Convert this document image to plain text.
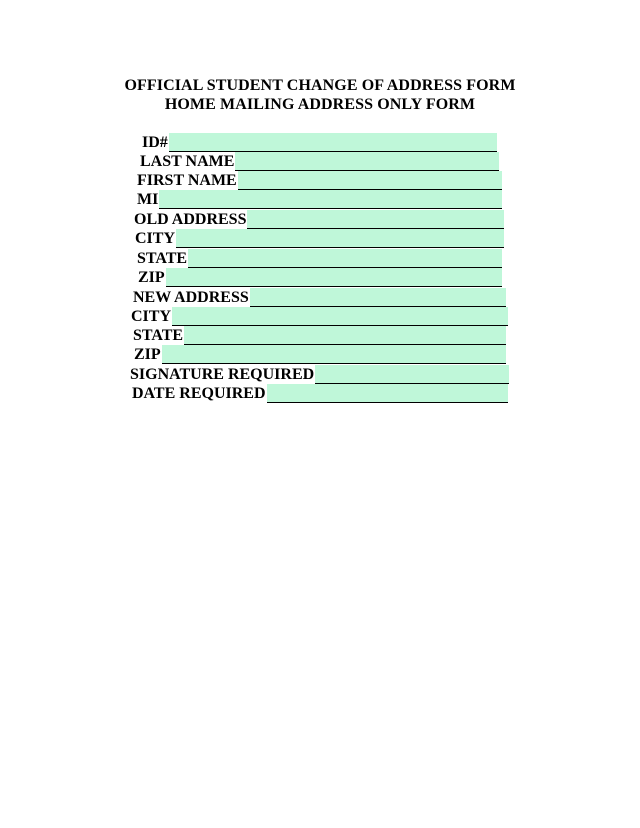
OFFICIAL STUDENT CHANGE OF ADDRESS FORM
HOME MAILING ADDRESS ONLY FORM
ID#
LAST NAME
FIRST NAME
MI
OLD ADDRESS
CITY
STATE
ZIP
NEW ADDRESS
CITY
STATE
ZIP
SIGNATURE REQUIRED
DATE REQUIRED
